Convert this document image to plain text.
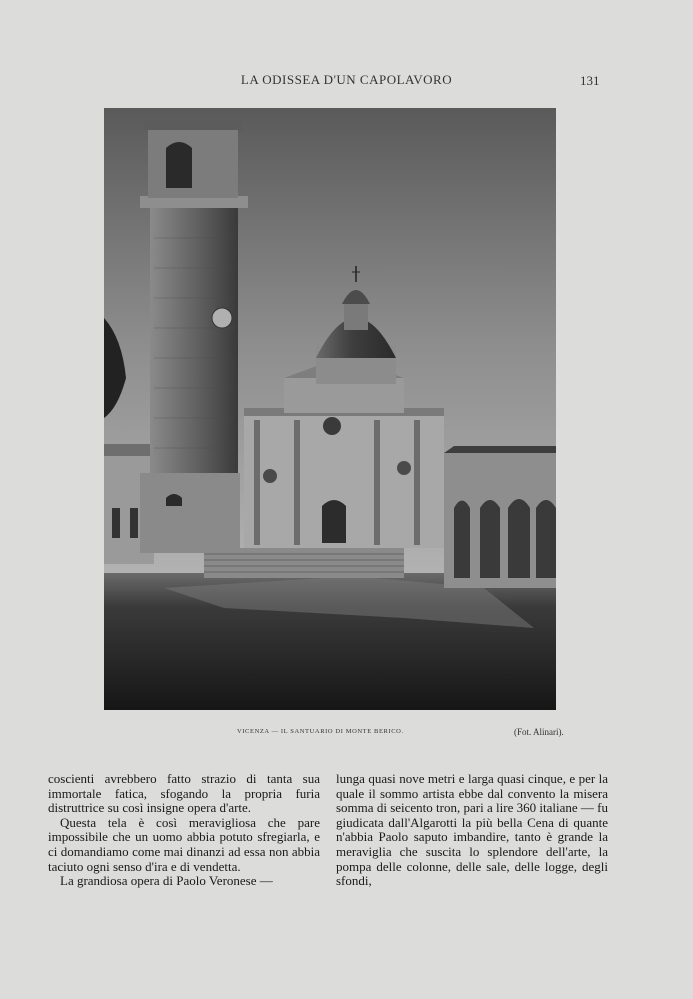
LA ODISSEA D'UN CAPOLAVORO	131
VICENZA — IL SANTUARIO DI MONTE BERICO.	(Fot. Alinari).

coscienti avrebbero fatto strazio di tanta sua immortale fatica, sfogando la propria furia distruttrice su così insigne opera d'arte.

Questa tela è così meravigliosa che pare impossibile che un uomo abbia potuto sfregiarla, e ci domandiamo come mai dinanzi ad essa non abbia taciuto ogni senso d'ira e di vendetta.

La grandiosa opera di Paolo Veronese —

lunga quasi nove metri e larga quasi cinque, e per la quale il sommo artista ebbe dal convento la misera somma di seicento tron, pari a lire 360 italiane — fu giudicata dall'Algarotti la più bella Cena di quante n'abbia Paolo saputo imbandire, tanto è grande la meraviglia che suscita lo splendore dell'arte, la pompa delle colonne, delle sale, delle logge, degli sfondi,
